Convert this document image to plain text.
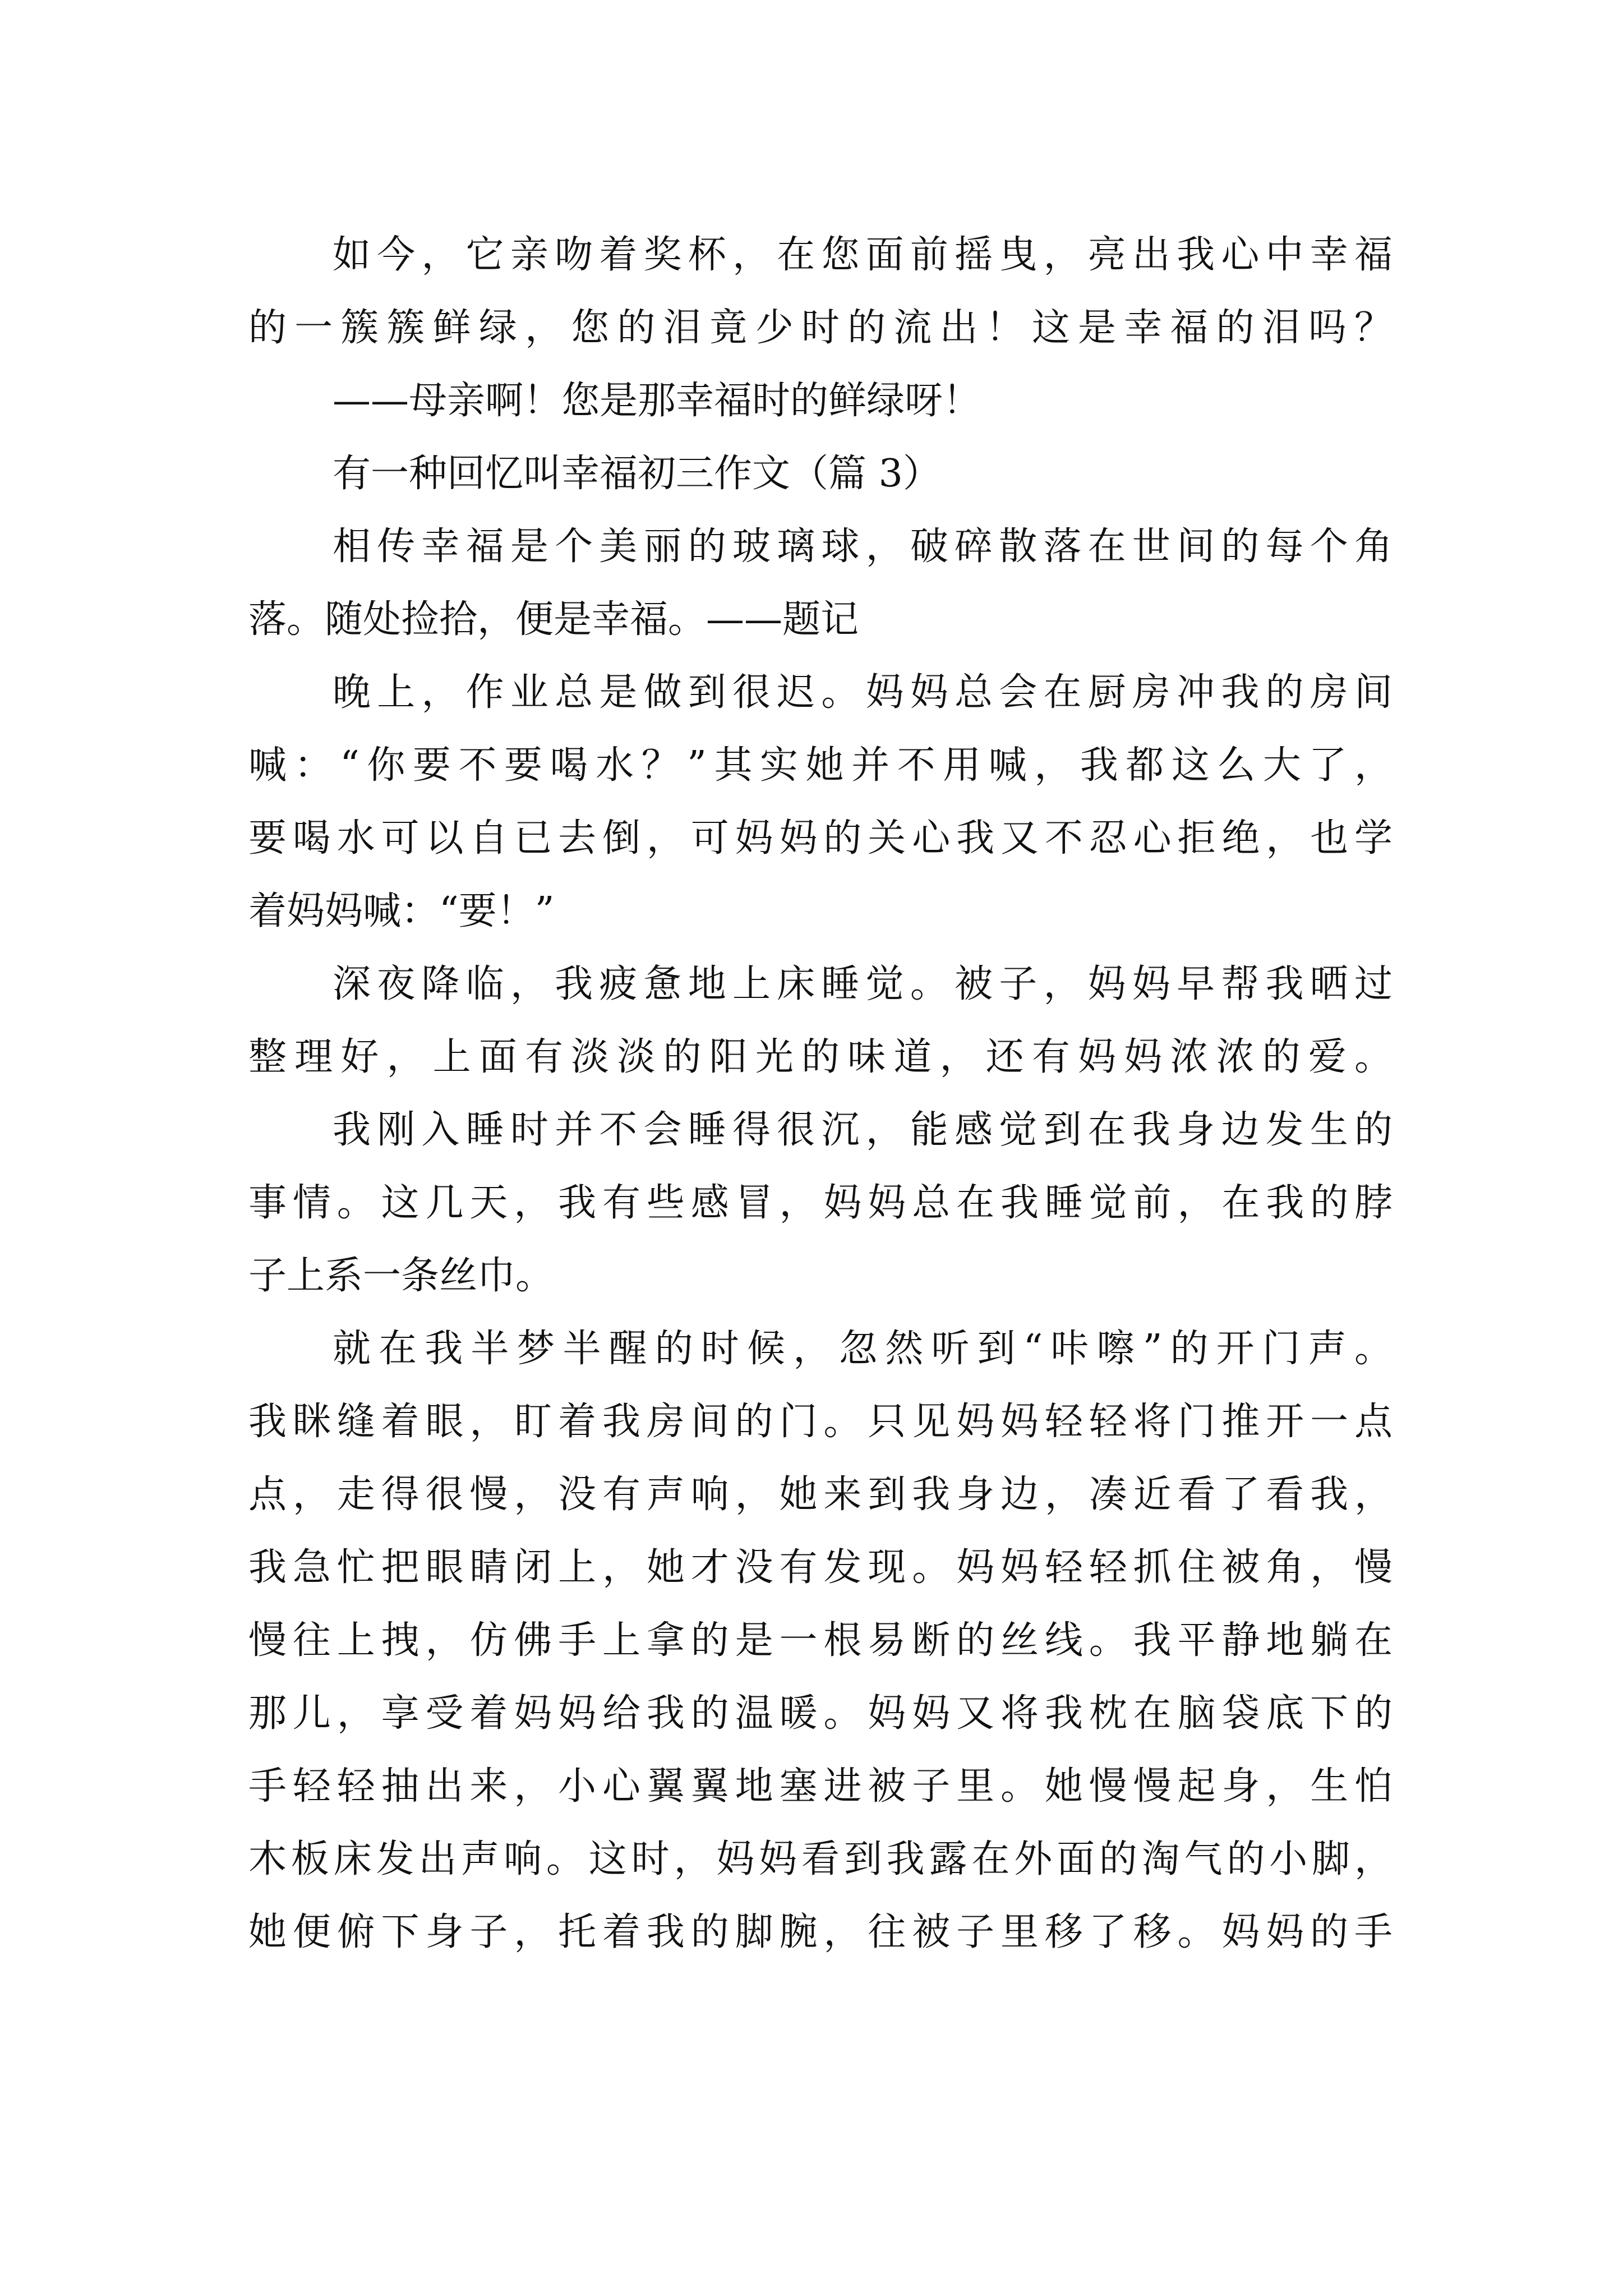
如今，它亲吻着奖杯，在您面前摇曳，亮出我心中幸福
的一簇簇鲜绿，您的泪竟少时的流出！这是幸福的泪吗？
——母亲啊！您是那幸福时的鲜绿呀！
有一种回忆叫幸福初三作文（篇 3）
相传幸福是个美丽的玻璃球，破碎散落在世间的每个角
落。随处捡拾，便是幸福。——题记
晚上，作业总是做到很迟。妈妈总会在厨房冲我的房间
喊：“你要不要喝水？”其实她并不用喊，我都这么大了，
要喝水可以自已去倒，可妈妈的关心我又不忍心拒绝，也学
着妈妈喊：“要！”
深夜降临，我疲惫地上床睡觉。被子，妈妈早帮我晒过
整理好，上面有淡淡的阳光的味道，还有妈妈浓浓的爱。
我刚入睡时并不会睡得很沉，能感觉到在我身边发生的
事情。这几天，我有些感冒，妈妈总在我睡觉前，在我的脖
子上系一条丝巾。
就在我半梦半醒的时候，忽然听到“咔嚓”的开门声。
我眯缝着眼，盯着我房间的门。只见妈妈轻轻将门推开一点
点，走得很慢，没有声响，她来到我身边，凑近看了看我，
我急忙把眼睛闭上，她才没有发现。妈妈轻轻抓住被角，慢
慢往上拽，仿佛手上拿的是一根易断的丝线。我平静地躺在
那儿，享受着妈妈给我的温暖。妈妈又将我枕在脑袋底下的
手轻轻抽出来，小心翼翼地塞进被子里。她慢慢起身，生怕
木板床发出声响。这时，妈妈看到我露在外面的淘气的小脚，
她便俯下身子，托着我的脚腕，往被子里移了移。妈妈的手
